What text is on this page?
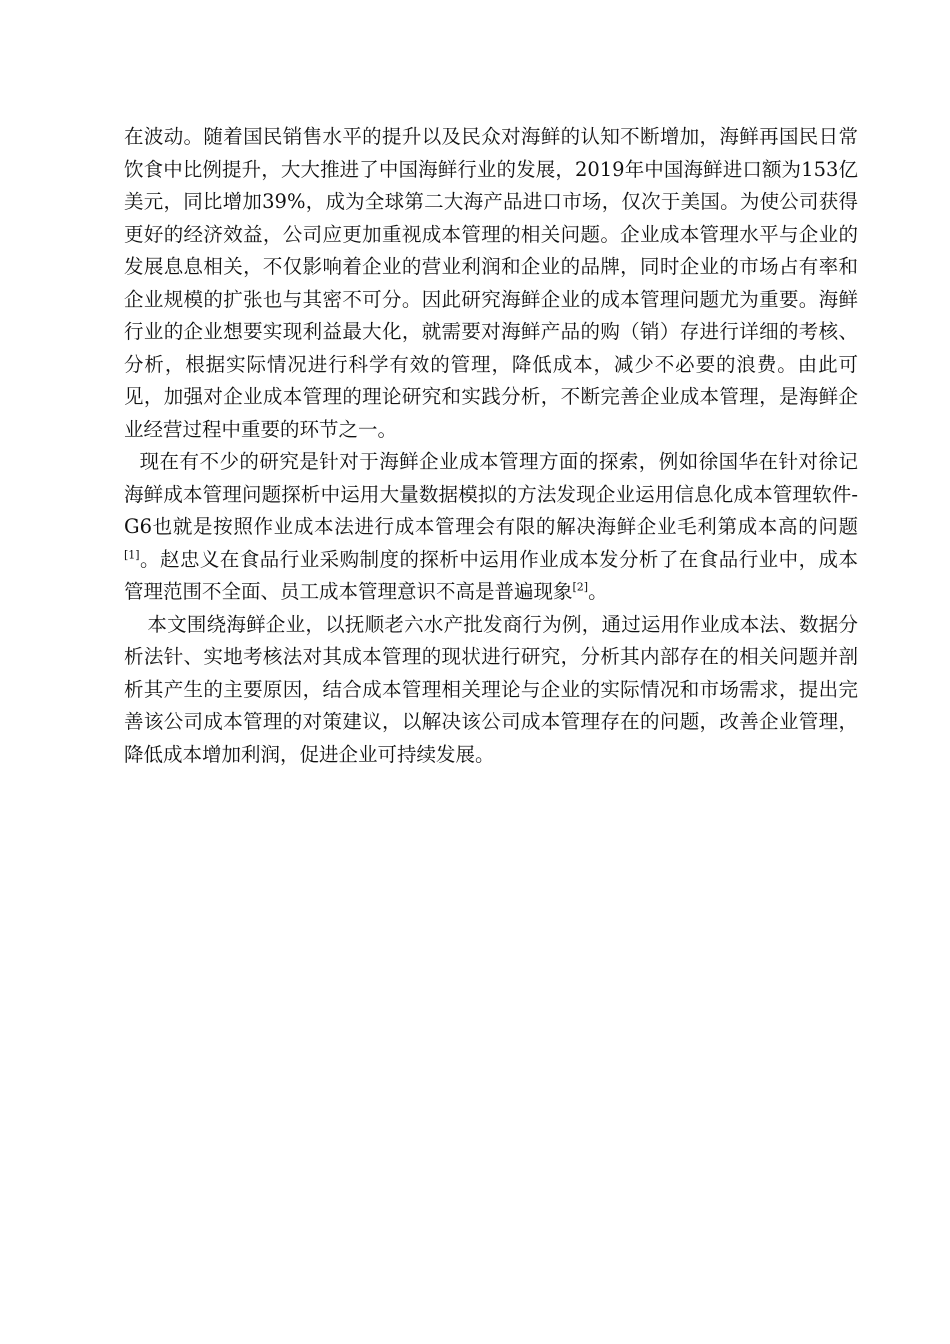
在波动。随着国民销售水平的提升以及民众对海鲜的认知不断增加，海鲜再国民日常饮食中比例提升，大大推进了中国海鲜行业的发展，2019年中国海鲜进口额为153亿美元，同比增加39%，成为全球第二大海产品进口市场，仅次于美国。为使公司获得更好的经济效益，公司应更加重视成本管理的相关问题。企业成本管理水平与企业的发展息息相关，不仅影响着企业的营业利润和企业的品牌，同时企业的市场占有率和企业规模的扩张也与其密不可分。因此研究海鲜企业的成本管理问题尤为重要。海鲜行业的企业想要实现利益最大化，就需要对海鲜产品的购（销）存进行详细的考核、分析，根据实际情况进行科学有效的管理，降低成本，减少不必要的浪费。由此可见，加强对企业成本管理的理论研究和实践分析，不断完善企业成本管理，是海鲜企业经营过程中重要的环节之一。

现在有不少的研究是针对于海鲜企业成本管理方面的探索，例如徐国华在针对徐记海鲜成本管理问题探析中运用大量数据模拟的方法发现企业运用信息化成本管理软件-G6也就是按照作业成本法进行成本管理会有限的解决海鲜企业毛利第成本高的问题[1]。赵忠义在食品行业采购制度的探析中运用作业成本发分析了在食品行业中，成本管理范围不全面、员工成本管理意识不高是普遍现象[2]。

本文围绕海鲜企业，以抚顺老六水产批发商行为例，通过运用作业成本法、数据分析法针、实地考核法对其成本管理的现状进行研究，分析其内部存在的相关问题并剖析其产生的主要原因，结合成本管理相关理论与企业的实际情况和市场需求，提出完善该公司成本管理的对策建议，以解决该公司成本管理存在的问题，改善企业管理，降低成本增加利润，促进企业可持续发展。
